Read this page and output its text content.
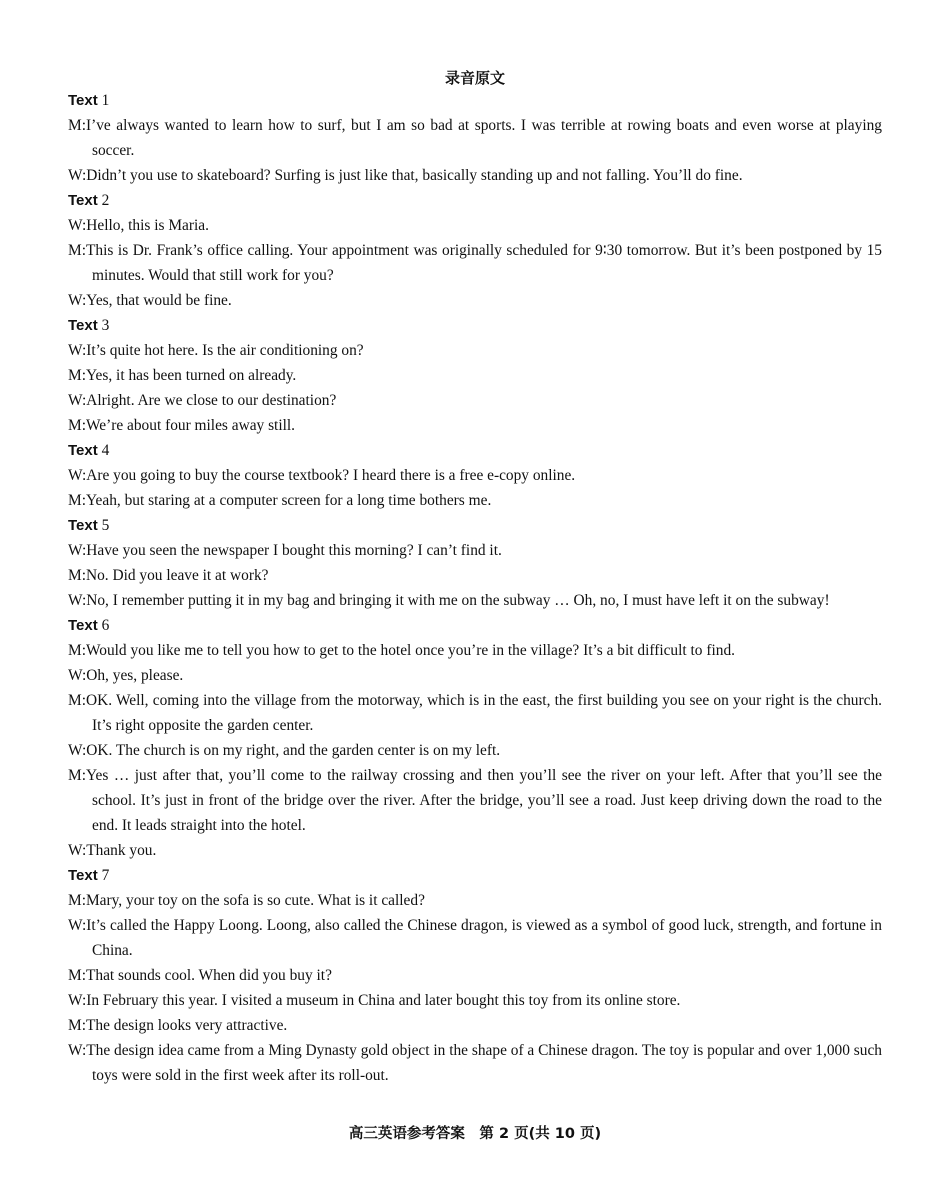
录音原文
Text 1
M:I’ve always wanted to learn how to surf, but I am so bad at sports. I was terrible at rowing boats and even worse at playing soccer.
W:Didn’t you use to skateboard? Surfing is just like that, basically standing up and not falling. You’ll do fine.
Text 2
W:Hello, this is Maria.
M:This is Dr. Frank’s office calling. Your appointment was originally scheduled for 9∶30 tomorrow. But it’s been postponed by 15 minutes. Would that still work for you?
W:Yes, that would be fine.
Text 3
W:It’s quite hot here. Is the air conditioning on?
M:Yes, it has been turned on already.
W:Alright. Are we close to our destination?
M:We’re about four miles away still.
Text 4
W:Are you going to buy the course textbook? I heard there is a free e-copy online.
M:Yeah, but staring at a computer screen for a long time bothers me.
Text 5
W:Have you seen the newspaper I bought this morning? I can’t find it.
M:No. Did you leave it at work?
W:No, I remember putting it in my bag and bringing it with me on the subway … Oh, no, I must have left it on the subway!
Text 6
M:Would you like me to tell you how to get to the hotel once you’re in the village? It’s a bit difficult to find.
W:Oh, yes, please.
M:OK. Well, coming into the village from the motorway, which is in the east, the first building you see on your right is the church. It’s right opposite the garden center.
W:OK. The church is on my right, and the garden center is on my left.
M:Yes … just after that, you’ll come to the railway crossing and then you’ll see the river on your left. After that you’ll see the school. It’s just in front of the bridge over the river. After the bridge, you’ll see a road. Just keep driving down the road to the end. It leads straight into the hotel.
W:Thank you.
Text 7
M:Mary, your toy on the sofa is so cute. What is it called?
W:It’s called the Happy Loong. Loong, also called the Chinese dragon, is viewed as a symbol of good luck, strength, and fortune in China.
M:That sounds cool. When did you buy it?
W:In February this year. I visited a museum in China and later bought this toy from its online store.
M:The design looks very attractive.
W:The design idea came from a Ming Dynasty gold object in the shape of a Chinese dragon. The toy is popular and over 1,000 such toys were sold in the first week after its roll-out.
高三英语参考答案　第 2 页(共 10 页)
